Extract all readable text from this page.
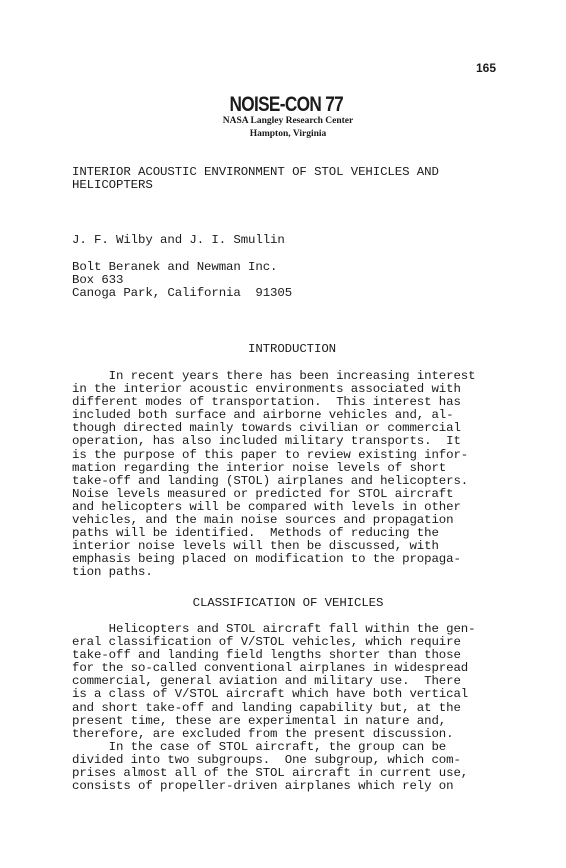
165
NOISE-CON 77
NASA Langley Research Center
Hampton, Virginia
INTERIOR ACOUSTIC ENVIRONMENT OF STOL VEHICLES AND
HELICOPTERS
J. F. Wilby and J. I. Smullin
Bolt Beranek and Newman Inc.
Box 633
Canoga Park, California  91305
INTRODUCTION
In recent years there has been increasing interest
in the interior acoustic environments associated with
different modes of transportation.  This interest has
included both surface and airborne vehicles and, al-
though directed mainly towards civilian or commercial
operation, has also included military transports.  It
is the purpose of this paper to review existing infor-
mation regarding the interior noise levels of short
take-off and landing (STOL) airplanes and helicopters.
Noise levels measured or predicted for STOL aircraft
and helicopters will be compared with levels in other
vehicles, and the main noise sources and propagation
paths will be identified.  Methods of reducing the
interior noise levels will then be discussed, with
emphasis being placed on modification to the propaga-
tion paths.
CLASSIFICATION OF VEHICLES
Helicopters and STOL aircraft fall within the gen-
eral classification of V/STOL vehicles, which require
take-off and landing field lengths shorter than those
for the so-called conventional airplanes in widespread
commercial, general aviation and military use.  There
is a class of V/STOL aircraft which have both vertical
and short take-off and landing capability but, at the
present time, these are experimental in nature and,
therefore, are excluded from the present discussion.
In the case of STOL aircraft, the group can be
divided into two subgroups.  One subgroup, which com-
prises almost all of the STOL aircraft in current use,
consists of propeller-driven airplanes which rely on
